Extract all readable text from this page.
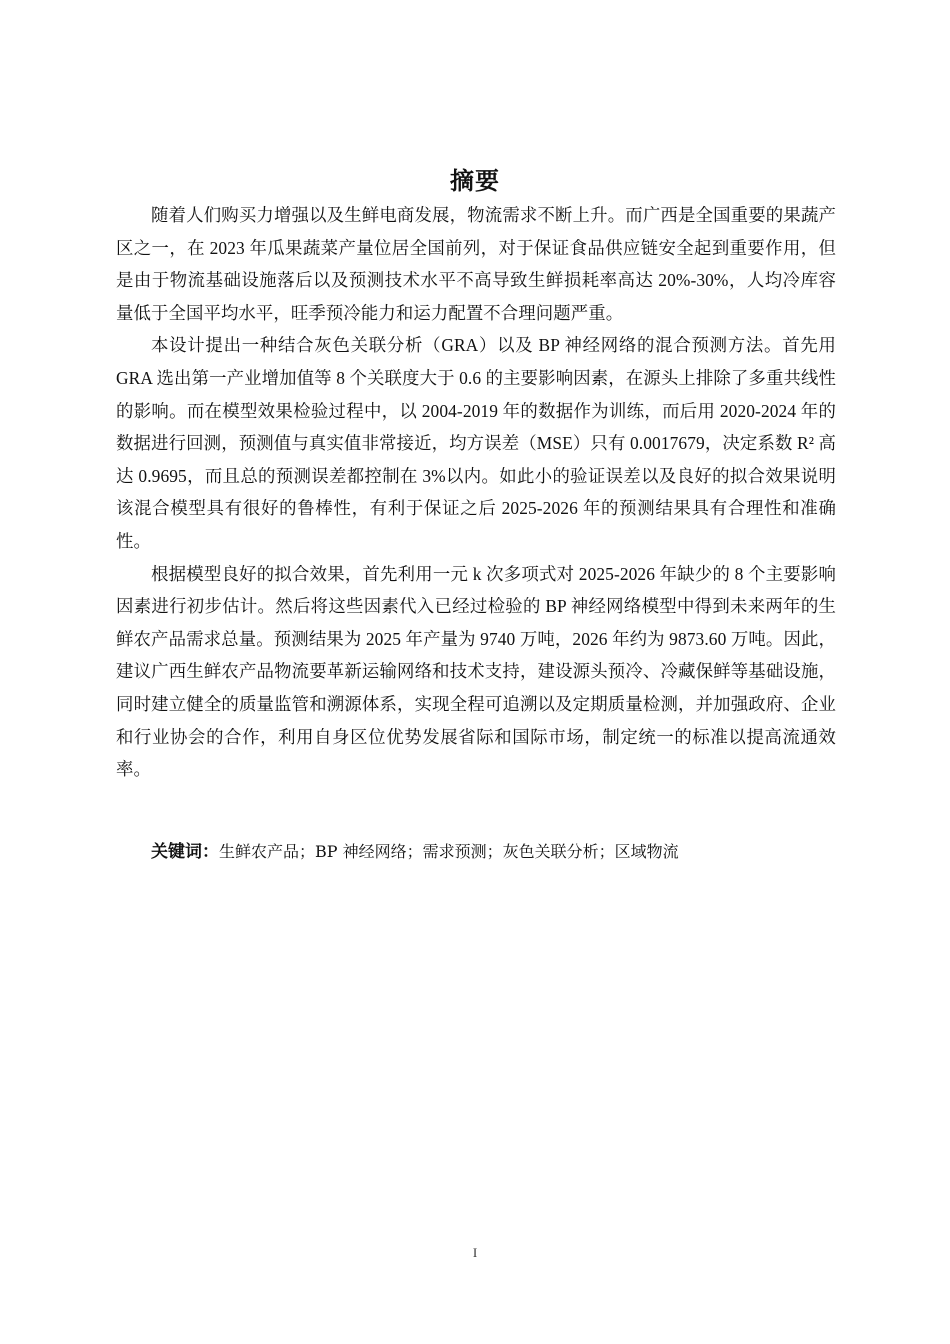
摘要

随着人们购买力增强以及生鲜电商发展，物流需求不断上升。而广西是全国重要的果蔬产区之一，在 2023 年瓜果蔬菜产量位居全国前列，对于保证食品供应链安全起到重要作用，但是由于物流基础设施落后以及预测技术水平不高导致生鲜损耗率高达 20%-30%，人均冷库容量低于全国平均水平，旺季预冷能力和运力配置不合理问题严重。

本设计提出一种结合灰色关联分析（GRA）以及 BP 神经网络的混合预测方法。首先用 GRA 选出第一产业增加值等 8 个关联度大于 0.6 的主要影响因素，在源头上排除了多重共线性的影响。而在模型效果检验过程中，以 2004-2019 年的数据作为训练，而后用 2020-2024 年的数据进行回测，预测值与真实值非常接近，均方误差（MSE）只有 0.0017679，决定系数 R² 高达 0.9695，而且总的预测误差都控制在 3%以内。如此小的验证误差以及良好的拟合效果说明该混合模型具有很好的鲁棒性，有利于保证之后 2025-2026 年的预测结果具有合理性和准确性。

根据模型良好的拟合效果，首先利用一元 k 次多项式对 2025-2026 年缺少的 8 个主要影响因素进行初步估计。然后将这些因素代入已经过检验的 BP 神经网络模型中得到未来两年的生鲜农产品需求总量。预测结果为 2025 年产量为 9740 万吨，2026 年约为 9873.60 万吨。因此，建议广西生鲜农产品物流要革新运输网络和技术支持，建设源头预冷、冷藏保鲜等基础设施，同时建立健全的质量监管和溯源体系，实现全程可追溯以及定期质量检测，并加强政府、企业和行业协会的合作，利用自身区位优势发展省际和国际市场，制定统一的标准以提高流通效率。

关键词：生鲜农产品；BP 神经网络；需求预测；灰色关联分析；区域物流
I
